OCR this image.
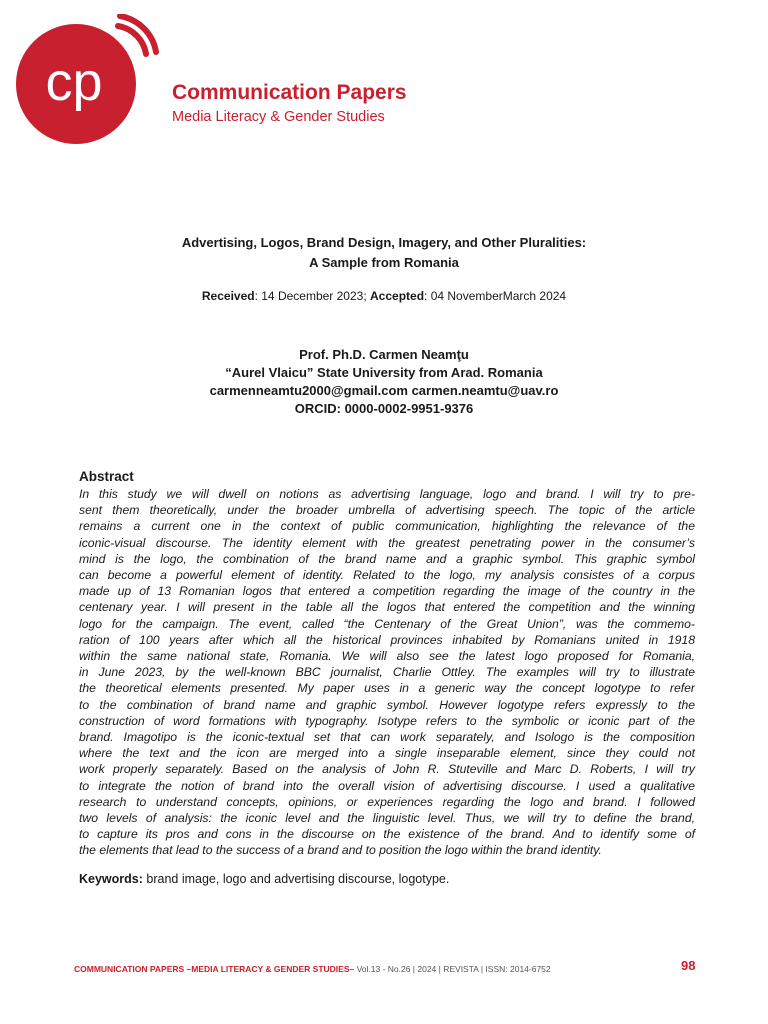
cp	Communication Papers

Media Literacy & Gender Studies

Advertising, Logos, Brand Design, Imagery, and Other Pluralities:
A Sample from Romania

Received: 14 December 2023; Accepted: 04 NovemberMarch 2024

Prof. Ph.D. Carmen Neamţu
“Aurel Vlaicu” State University from Arad. Romania
carmenneamtu2000@gmail.com carmen.neamtu@uav.ro
ORCID: 0000-0002-9951-9376
Abstract
In this study we will dwell on notions as advertising language, logo and brand. I will try to pre-
sent them theoretically, under the broader umbrella of advertising speech. The topic of the article
remains a current one in the context of public communication, highlighting the relevance of the
iconic-visual discourse. The identity element with the greatest penetrating power in the consumer’s
mind is the logo, the combination of the brand name and a graphic symbol. This graphic symbol
can become a powerful element of identity. Related to the logo, my analysis consistes of a corpus
made up of 13 Romanian logos that entered a competition regarding the image of the country in the
centenary year. I will present in the table all the logos that entered the competition and the winning
logo for the campaign. The event, called “the Centenary of the Great Union”, was the commemo-
ration of 100 years after which all the historical provinces inhabited by Romanians united in 1918
within the same national state, Romania. We will also see the latest logo proposed for Romania,
in June 2023, by the well-known BBC journalist, Charlie Ottley. The examples will try to illustrate
the theoretical elements presented. My paper uses in a generic way the concept logotype to refer
to the combination of brand name and graphic symbol. However logotype refers expressly to the
construction of word formations with typography. Isotype refers to the symbolic or iconic part of the
brand. Imagotipo is the iconic-textual set that can work separately, and Isologo is the composition
where the text and the icon are merged into a single inseparable element, since they could not
work properly separately. Based on the analysis of John R. Stuteville and Marc D. Roberts, I will try
to integrate the notion of brand into the overall vision of advertising discourse. I used a qualitative
research to understand concepts, opinions, or experiences regarding the logo and brand. I followed
two levels of analysis: the iconic level and the linguistic level. Thus, we will try to define the brand,
to capture its pros and cons in the discourse on the existence of the brand. And to identify some of
the elements that lead to the success of a brand and to position the logo within the brand identity.

Keywords: brand image, logo and advertising discourse, logotype.

COMMUNICATION PAPERS –MEDIA LITERACY & GENDER STUDIES– Vol.13 - No.26 | 2024 | REVISTA | ISSN: 2014-6752	98
